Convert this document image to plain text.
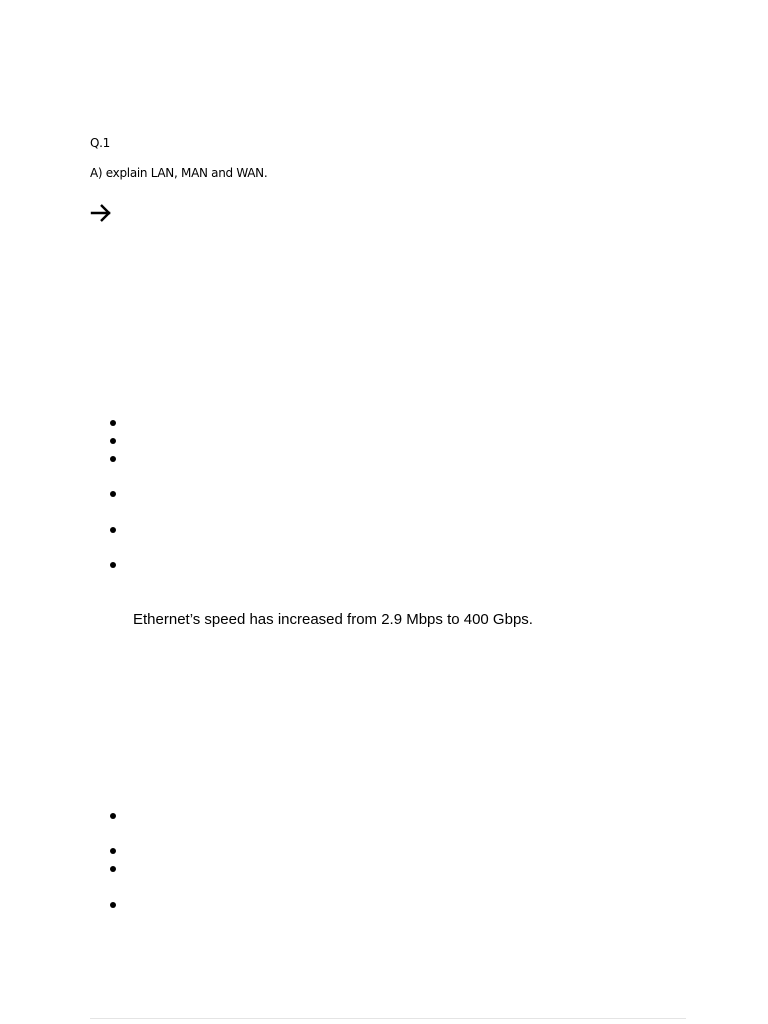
Q.1
A) explain LAN, MAN and WAN.
Ethernet’s speed has increased from 2.9 Mbps to 400 Gbps.
